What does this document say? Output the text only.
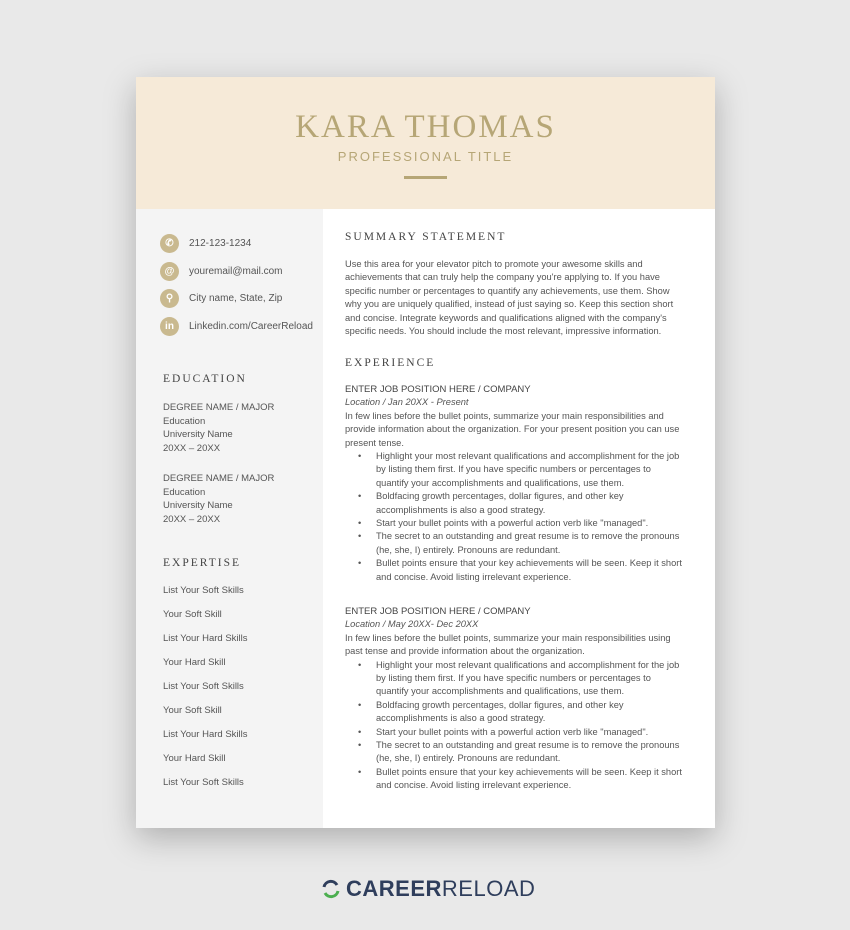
KARA THOMAS
PROFESSIONAL TITLE
✆	212-123-1234
@	youremail@mail.com
⚲	City name, State, Zip
in	Linkedin.com/CareerReload
EDUCATION
DEGREE NAME / MAJOR
Education
University Name
20XX – 20XX
DEGREE NAME / MAJOR
Education
University Name
20XX – 20XX
EXPERTISE
List Your Soft Skills
Your Soft Skill
List Your Hard Skills
Your Hard Skill
List Your Soft Skills
Your Soft Skill
List Your Hard Skills
Your Hard Skill
List Your Soft Skills
SUMMARY STATEMENT
Use this area for your elevator pitch to promote your awesome skills and achievements that can truly help the company you're applying to. If you have specific number or percentages to quantify any achievements, use them. Show why you are uniquely qualified, instead of just saying so. Keep this section short and concise. Integrate keywords and qualifications aligned with the company's specific needs. You should include the most relevant, impressive information.
EXPERIENCE
ENTER JOB POSITION HERE / COMPANY
Location / Jan 20XX - Present
In few lines before the bullet points, summarize your main responsibilities and provide information about the organization. For your present position you can use present tense.
• Highlight your most relevant qualifications and accomplishment for the job by listing them first. If you have specific numbers or percentages to quantify your accomplishments and qualifications, use them.
• Boldfacing growth percentages, dollar figures, and other key accomplishments is also a good strategy.
• Start your bullet points with a powerful action verb like "managed".
• The secret to an outstanding and great resume is to remove the pronouns (he, she, I) entirely. Pronouns are redundant.
• Bullet points ensure that your key achievements will be seen. Keep it short and concise. Avoid listing irrelevant experience.
ENTER JOB POSITION HERE / COMPANY
Location / May 20XX- Dec 20XX
In few lines before the bullet points, summarize your main responsibilities using past tense and provide information about the organization.
• Highlight your most relevant qualifications and accomplishment for the job by listing them first. If you have specific numbers or percentages to quantify your accomplishments and qualifications, use them.
• Boldfacing growth percentages, dollar figures, and other key accomplishments is also a good strategy.
• Start your bullet points with a powerful action verb like "managed".
• The secret to an outstanding and great resume is to remove the pronouns (he, she, I) entirely. Pronouns are redundant.
• Bullet points ensure that your key achievements will be seen. Keep it short and concise. Avoid listing irrelevant experience.
CAREER RELOAD
